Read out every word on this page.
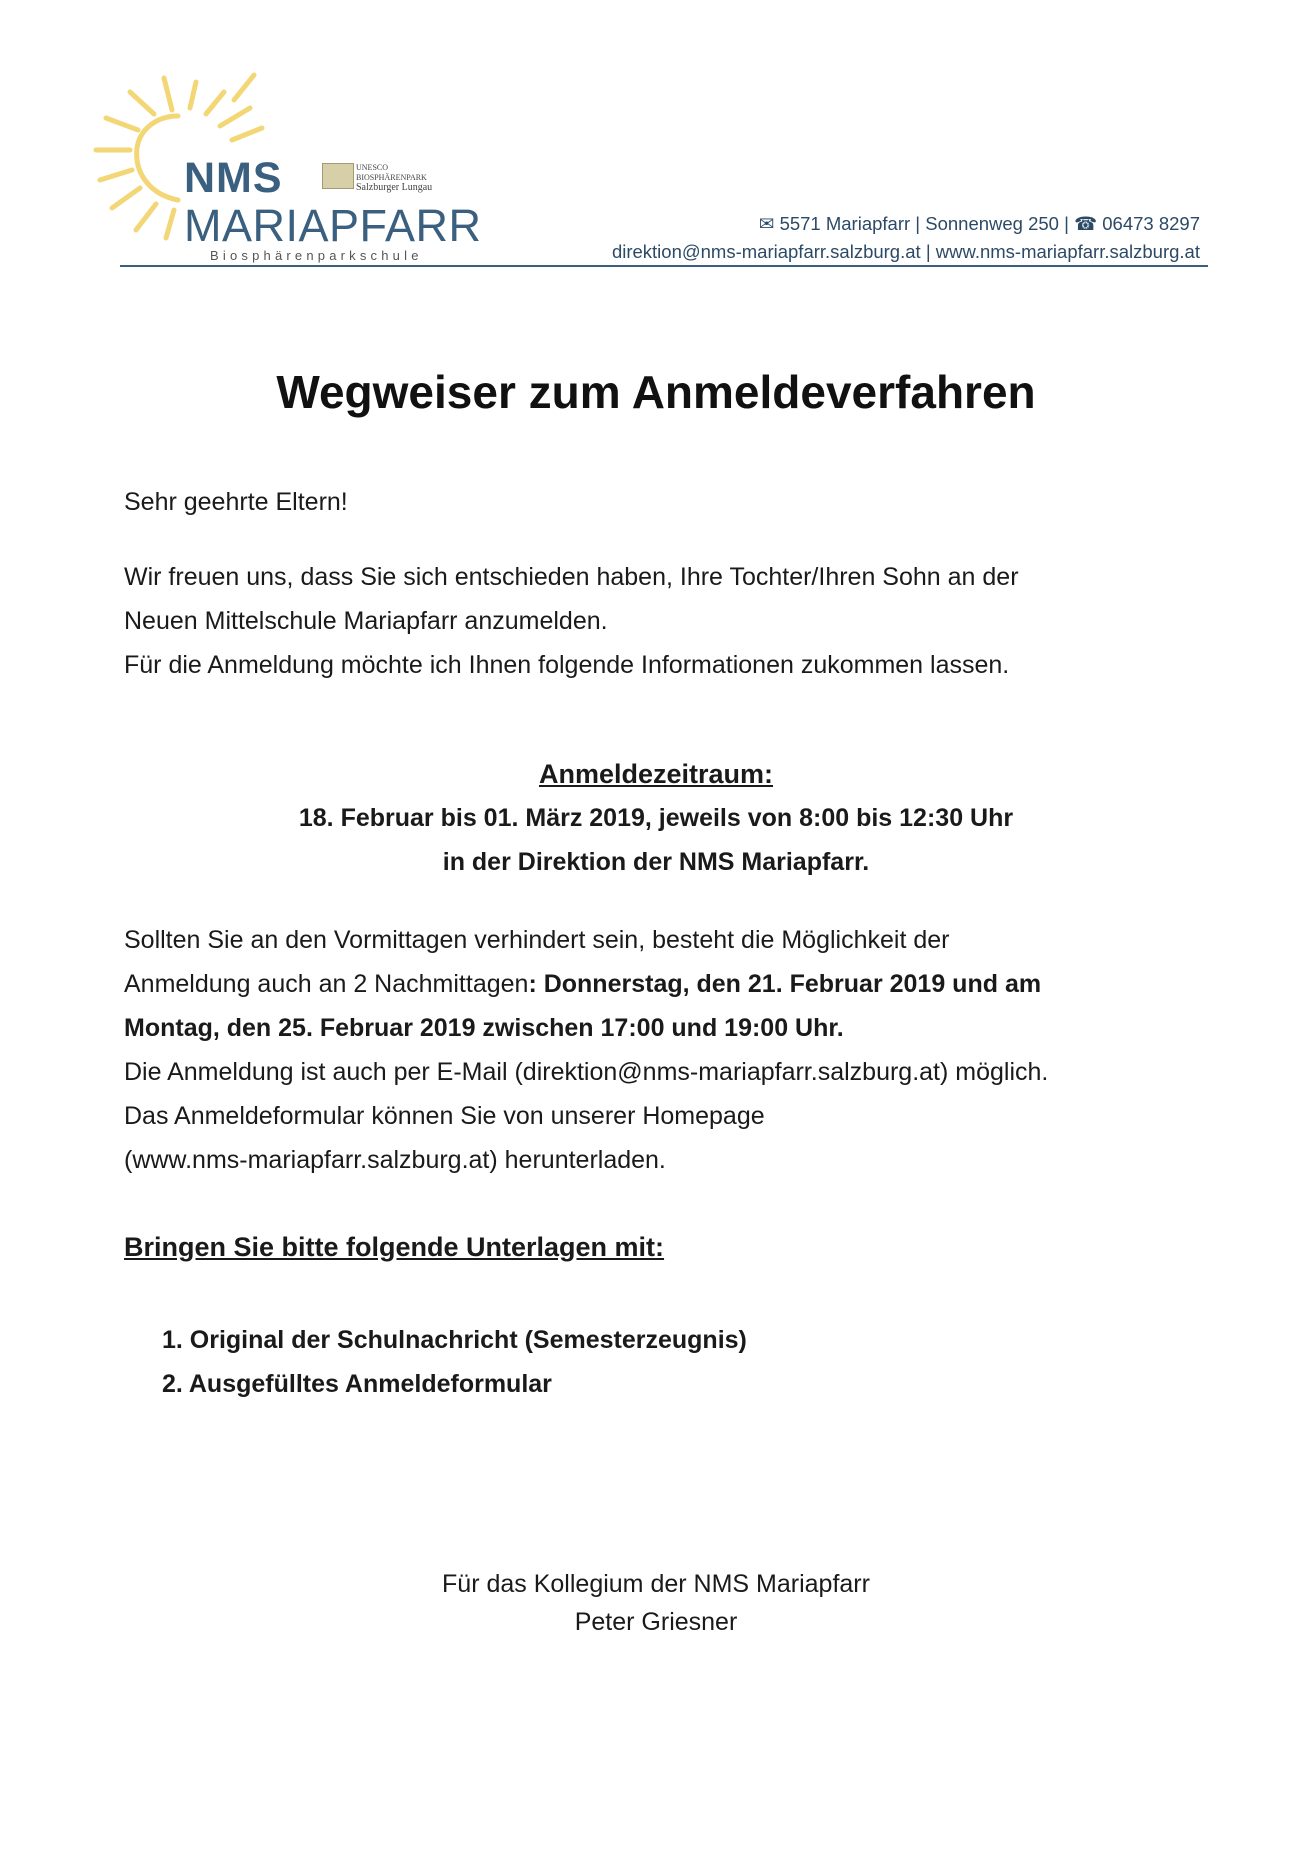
NMS
MARIAPFARR
Biosphärenparkschule
UNESCO BIOSPHÄRENPARK
Salzburger Lungau
✉ 5571 Mariapfarr | Sonnenweg 250 | ☎ 06473 8297
direktion@nms-mariapfarr.salzburg.at | www.nms-mariapfarr.salzburg.at
Wegweiser zum Anmeldeverfahren
Sehr geehrte Eltern!
Wir freuen uns, dass Sie sich entschieden haben, Ihre Tochter/Ihren Sohn an der
Neuen Mittelschule Mariapfarr anzumelden.
Für die Anmeldung möchte ich Ihnen folgende Informationen zukommen lassen.
Anmeldezeitraum:
18. Februar bis 01. März 2019, jeweils von 8:00 bis 12:30 Uhr
in der Direktion der NMS Mariapfarr.
Sollten Sie an den Vormittagen verhindert sein, besteht die Möglichkeit der
Anmeldung auch an 2 Nachmittagen: Donnerstag, den 21. Februar 2019 und am
Montag, den 25. Februar 2019 zwischen 17:00 und 19:00 Uhr.
Die Anmeldung ist auch per E-Mail (direktion@nms-mariapfarr.salzburg.at) möglich.
Das Anmeldeformular können Sie von unserer Homepage
(www.nms-mariapfarr.salzburg.at) herunterladen.
Bringen Sie bitte folgende Unterlagen mit:
1. Original der Schulnachricht (Semesterzeugnis)
2. Ausgefülltes Anmeldeformular
Für das Kollegium der NMS Mariapfarr
Peter Griesner
